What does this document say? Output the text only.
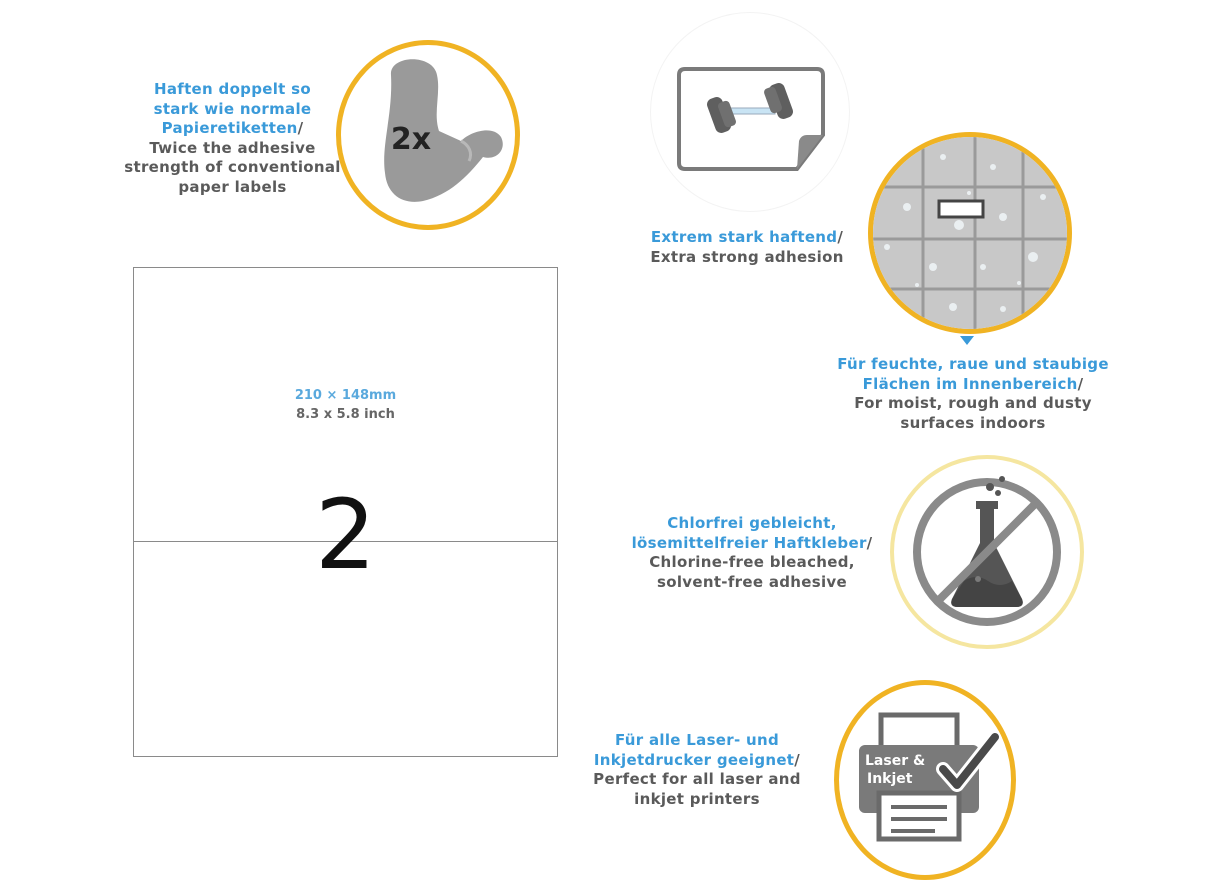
Haften doppelt so
stark wie normale
Papieretiketten/
Twice the adhesive
strength of conventional
paper labels
2x
Extrem stark haftend/
Extra strong adhesion
Für feuchte, raue und staubige
Flächen im Innenbereich/
For moist, rough and dusty
surfaces indoors
210 × 148mm
8.3 x 5.8 inch
2	Chlorfrei gebleicht,
lösemittelfreier Haftkleber/
Chlorine-free bleached,
solvent-free adhesive
Für alle Laser- und
Inkjetdrucker geeignet/
Perfect for all laser and
inkjet printers
Laser &
Inkjet
